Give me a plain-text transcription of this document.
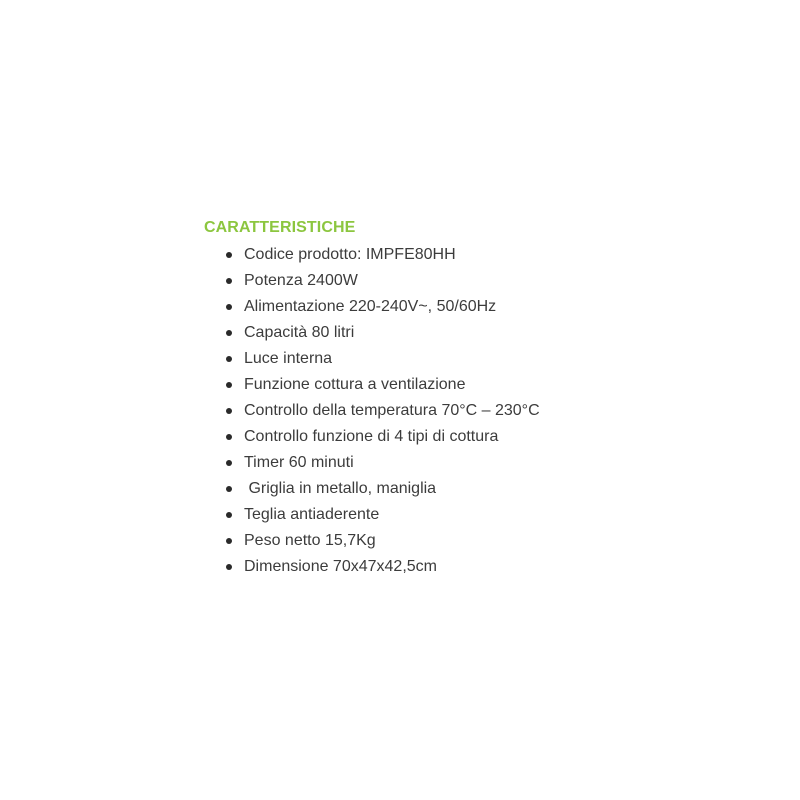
CARATTERISTICHE
Codice prodotto: IMPFE80HH
Potenza 2400W
Alimentazione 220-240V~, 50/60Hz
Capacità 80 litri
Luce interna
Funzione cottura a ventilazione
Controllo della temperatura 70°C – 230°C
Controllo funzione di 4 tipi di cottura
Timer 60 minuti
Griglia in metallo, maniglia
Teglia antiaderente
Peso netto 15,7Kg
Dimensione 70x47x42,5cm
